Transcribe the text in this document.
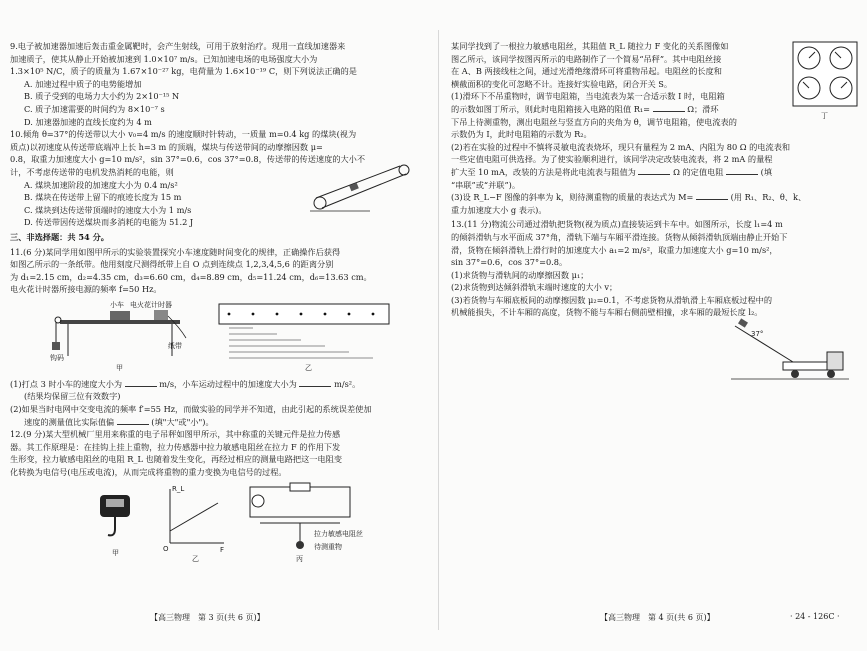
9.电子被加速器加速后轰击重金属靶时，会产生射线，可用于放射治疗。现用一直线加速器来

加速质子，使其从静止开始被加速到 1.0×10⁷ m/s。已知加速电场的电场强度大小为

1.3×10⁵ N/C，质子的质量为 1.67×10⁻²⁷ kg，电荷量为 1.6×10⁻¹⁹ C，则下列说法正确的是

A. 加速过程中质子的电势能增加

B. 质子受到的电场力大小约为 2×10⁻¹⁵ N

C. 质子加速需要的时间约为 8×10⁻⁷ s

D. 加速器加速的直线长度约为 4 m

10.倾角 θ=37°的传送带以大小 v₀=4 m/s 的速度顺时针转动，一质量 m=0.4 kg 的煤块(视为

质点)以初速度从传送带底端冲上长 h=3 m 的顶端，煤块与传送带间的动摩擦因数 μ=

0.8，取重力加速度大小 g=10 m/s²，sin 37°=0.6，cos 37°=0.8，传送带的传送速度的大小不

计，不考虑传送带的电机发热消耗的电能，则

A. 煤块加速阶段的加速度大小为 0.4 m/s²

B. 煤块在传送带上留下的痕迹长度为 15 m

C. 煤块到达传送带顶端时的速度大小为 1 m/s

D. 传送带因传送煤块而多消耗的电能为 51.2 J

三、非选择题：共 54 分。

11.(6 分)某同学用如图甲所示的实验装置探究小车速度随时间变化的规律，正确操作后获得

如图乙所示的一条纸带。他用刻度尺测得纸带上自 O 点到连续点 1,2,3,4,5,6 的距离分别

为 d₁=2.15 cm，d₂=4.35 cm，d₃=6.60 cm，d₄=8.89 cm，d₅=11.24 cm，d₆=13.63 cm。

电火花计时器所接电源的频率 f=50 Hz。

小车 电火花计时器
纸带
钩码
甲	乙

(1)打点 3 时小车的速度大小为	m/s，小车运动过程中的加速度大小为	m/s²。

(结果均保留三位有效数字)

(2)如果当时电网中交变电流的频率 f′=55 Hz，而做实验的同学并不知道，由此引起的系统误差使加

速度的测量值比实际值偏	(填"大"或"小")。

12.(9 分)某大型机械厂里用来称重的电子吊秤如图甲所示，其中称重的关键元件是拉力传感

器。其工作原理是：在挂钩上挂上重物，拉力传感器中拉力敏感电阻丝在拉力 F 的作用下发

生形变，拉力敏感电阻丝的电阻 R_L 也随着发生变化，再经过相应的测量电路把这一电阻变

化转换为电信号(电压或电流)，从而完成将重物的重力变换为电信号的过程。

甲
R_L
F
O
乙
拉力敏感电阻丝
待测重物
丙

某同学找到了一根拉力敏感电阻丝，其阻值 R_L 随拉力 F 变化的关系图像如

图乙所示，该同学按图丙所示的电路制作了一个简易“吊秤”。其中电阻丝接

在 A、B 两接线柱之间，通过光滑绝缘滑环可将重物吊起。电阻丝的长度和

横截面积的变化可忽略不计。连接好实验电路，闭合开关 S。

(1)滑环下不吊重物时，调节电阻箱，当电流表为某一合适示数 I 时，电阻箱

的示数如图丁所示，则此时电阻箱接入电路的阻值 R₁=	Ω；滑环

下吊上待测重物，测出电阻丝与竖直方向的夹角为 θ，调节电阻箱，使电流表的

示数仍为 I，此时电阻箱的示数为 R₂。

丁

(2)若在实验的过程中不慎将灵敏电流表烧坏，现只有量程为 2 mA、内阻为 80 Ω 的电流表和

一些定值电阻可供选择。为了使实验顺利进行，该同学决定改装电流表，将 2 mA 的量程

扩大至 10 mA，改装的方法是将此电流表与阻值为	Ω 的定值电阻	(填

“串联”或“并联”)。

(3)设 R_L−F 图像的斜率为 k，则待测重物的质量的表达式为 M=	(用 R₁、R₂、θ、k、

重力加速度大小 g 表示)。

13.(11 分)物流公司通过滑轨把货物(视为质点)直接装运到卡车中。如图所示，长度 l₁=4 m

的倾斜滑轨与水平面成 37°角，滑轨下端与车厢平滑连接。货物从倾斜滑轨顶端由静止开始下

滑，货物在倾斜滑轨上滑行时的加速度大小 a₁=2 m/s²，取重力加速度大小 g=10 m/s²，

sin 37°=0.6，cos 37°=0.8。

(1)求货物与滑轨间的动摩擦因数 μ₁；

(2)求货物到达倾斜滑轨末端时速度的大小 v；

(3)若货物与车厢底板间的动摩擦因数 μ₂=0.1，不考虑货物从滑轨滑上车厢底板过程中的

机械能损失，不计车厢的高度，货物不能与车厢右侧前壁相撞，求车厢的最短长度 l₂。

37°
【高三物理　第 3 页(共 6 页)】	【高三物理　第 4 页(共 6 页)】	· 24 - 126C ·
